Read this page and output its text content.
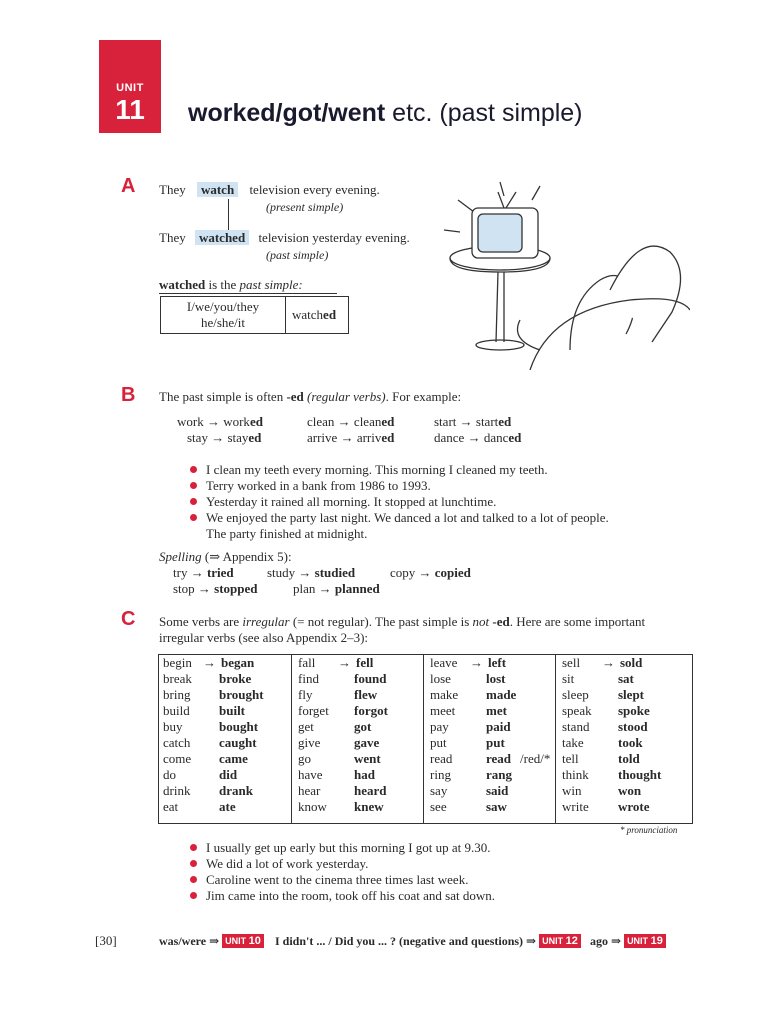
UNIT
11	worked/got/went etc. (past simple)
A They watch television every evening.
(present simple)
They watched television yesterday evening.
(past simple)
watched is the past simple:
I/we/you/they
he/she/it
	watched
B The past simple is often -ed (regular verbs). For example:
work → worked
stay → stayed
clean → cleaned
arrive → arrived
start → started
dance → danced
I clean my teeth every morning. This morning I cleaned my teeth.
Terry worked in a bank from 1986 to 1993.
Yesterday it rained all morning. It stopped at lunchtime.
We enjoyed the party last night. We danced a lot and talked to a lot of people.
The party finished at midnight.
Spelling (⇒ Appendix 5):
try → tried	study → studied	copy → copied
stop → stopped	plan → planned
C Some verbs are irregular (= not regular). The past simple is not -ed. Here are some important
irregular verbs (see also Appendix 2–3):
begin → began
break broke
bring brought
build built
buy	bought
catch caught
come came
do	did
drink drank
eat	ate
fall → fell
find	found
fly	flew
forget forgot
get	got
give	gave
go	went
have had
hear	heard
know knew
leave → left
lose	lost
make made
meet met
pay	paid
put	put
read	read /red/*
ring	rang
say	said
see	saw
sell → sold
sit	sat
sleep slept
speak spoke
stand stood
take	took
tell	told
think thought
win	won
write wrote
* pronunciation
I usually get up early but this morning I got up at 9.30.
We did a lot of work yesterday.
Caroline went to the cinema three times last week.
Jim came into the room, took off his coat and sat down.
[30]	was/were ⇒ UNIT 10 I didn't ... / Did you ... ? (negative and questions) ⇒ UNIT 12 ago ⇒ UNIT 19
